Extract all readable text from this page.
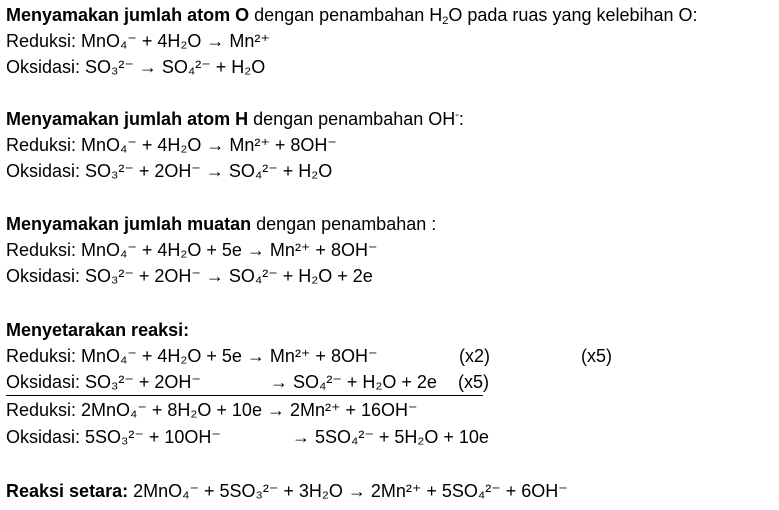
Menyamakan jumlah atom O dengan penambahan $H_2O$ pada ruas yang kelebihan O:
Reduksi: MnO₄⁻ + 4H₂O → Mn²⁺
Oksidasi: SO₃²⁻ → SO₄²⁻ + H₂O
Menyamakan jumlah atom H dengan penambahan OH-:
Reduksi: MnO₄⁻ + 4H₂O → Mn²⁺ + 8OH⁻
Oksidasi: SO₃²⁻ + 2OH⁻ → SO₄²⁻ + H₂O
Menyamakan jumlah muatan dengan penambahan :
Reduksi: MnO₄⁻ + 4H₂O + 5e → Mn²⁺ + 8OH⁻
Oksidasi: SO₃²⁻ + 2OH⁻ → SO₄²⁻ + H₂O + 2e
Menyetarakan reaksi:
Reduksi: MnO₄⁻ + 4H₂O + 5e → Mn²⁺ + 8OH⁻	(x2)	(x5)
Oksidasi: SO₃²⁻ + 2OH⁻	→ SO₄²⁻ + H₂O + 2e (x5)
Reduksi: 2MnO₄⁻ + 8H₂O + 10e → 2Mn²⁺ + 16OH⁻
Oksidasi: 5SO₃²⁻ + 10OH⁻	→ 5SO₄²⁻ + 5H₂O + 10e
Reaksi setara: 2MnO₄⁻ + 5SO₃²⁻ + 3H₂O → 2Mn²⁺ + 5SO₄²⁻ + 6OH⁻
